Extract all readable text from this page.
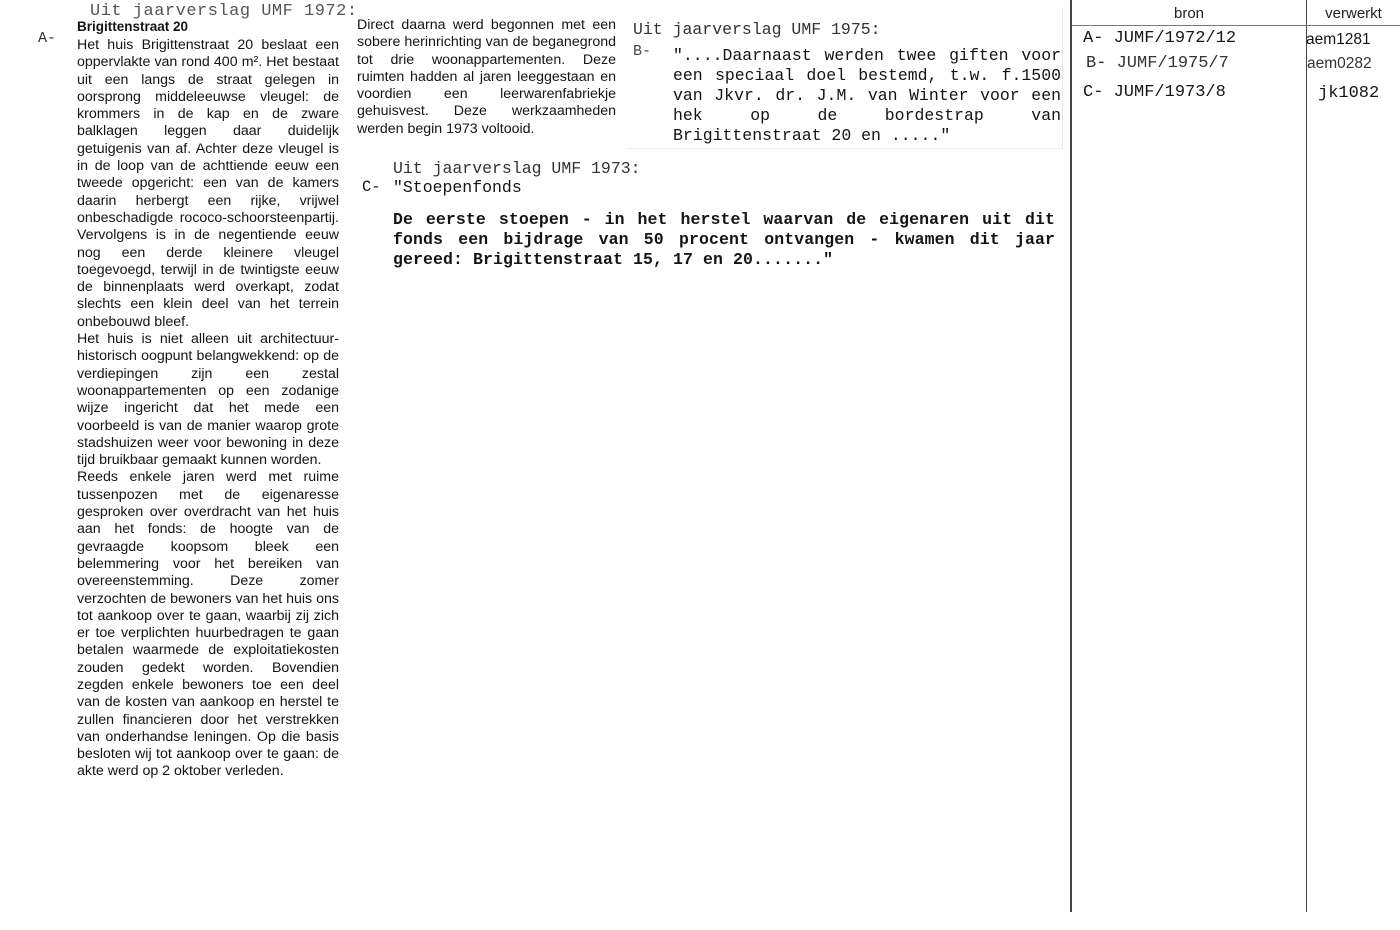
Uit jaarverslag UMF 1972:
A-
Brigittenstraat 20

Het huis Brigittenstraat 20 beslaat een oppervlakte van rond 400 m². Het bestaat uit een langs de straat gelegen in oorsprong middeleeuwse vleugel: de krommers in de kap en de zware balklagen leggen daar duidelijk getuigenis van af. Achter deze vleugel is in de loop van de achttiende eeuw een tweede opgericht: een van de kamers daarin herbergt een rijke, vrijwel onbeschadigde rococo-schoorsteenpartij. Vervolgens is in de negentiende eeuw nog een derde kleinere vleugel toegevoegd, terwijl in de twintigste eeuw de binnenplaats werd overkapt, zodat slechts een klein deel van het terrein onbebouwd bleef.

Het huis is niet alleen uit architectuur-historisch oogpunt belangwekkend: op de verdiepingen zijn een zestal woonappartementen op een zodanige wijze ingericht dat het mede een voorbeeld is van de manier waarop grote stadshuizen weer voor bewoning in deze tijd bruikbaar gemaakt kunnen worden.

Reeds enkele jaren werd met ruime tussenpozen met de eigenaresse gesproken over overdracht van het huis aan het fonds: de hoogte van de gevraagde koopsom bleek een belemmering voor het bereiken van overeenstemming. Deze zomer verzochten de bewoners van het huis ons tot aankoop over te gaan, waarbij zij zich er toe verplichten huurbedragen te gaan betalen waarmede de exploitatiekosten zouden gedekt worden. Bovendien zegden enkele bewoners toe een deel van de kosten van aankoop en herstel te zullen financieren door het verstrekken van onderhandse leningen. Op die basis besloten wij tot aankoop over te gaan: de akte werd op 2 oktober verleden.

Direct daarna werd begonnen met een sobere herinrichting van de beganegrond tot drie woonappartementen. Deze ruimten hadden al jaren leeggestaan en voordien een leerwarenfabriekje gehuisvest. Deze werkzaamheden werden begin 1973 voltooid.
Uit jaarverslag UMF 1975:
B- "....Daarnaast werden twee giften voor een speciaal doel bestemd, t.w. f.1500 van Jkvr. dr. J.M. van Winter voor een hek op de bordestrap van Brigittenstraat 20 en ....."
Uit jaarverslag UMF 1973:
C- "Stoepenfonds
De eerste stoepen - in het herstel waarvan de eigenaren uit dit fonds een bijdrage van 50 procent ontvangen - kwamen dit jaar gereed: Brigittenstraat 15, 17 en 20......."
bron	verwerkt
A- JUMF/1972/12
B- JUMF/1975/7
C- JUMF/1973/8
aem1281
aem0282
jk1082
